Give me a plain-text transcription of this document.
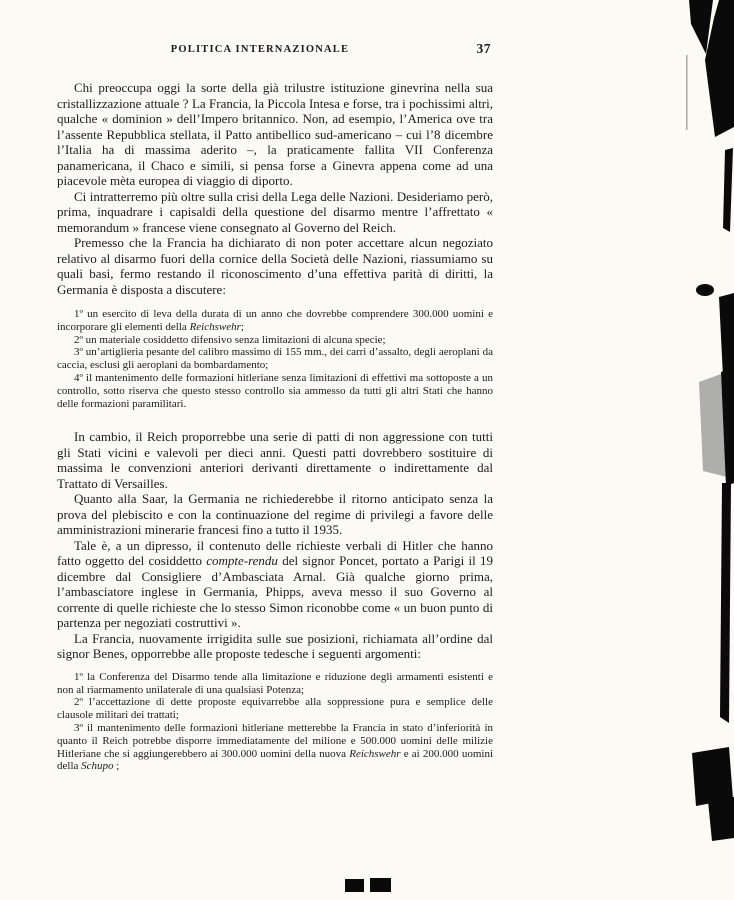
POLITICA INTERNAZIONALE	37

Chi preoccupa oggi la sorte della già trilustre istituzione ginevrina nella sua cristallizzazione attuale ? La Francia, la Piccola Intesa e forse, tra i pochissimi altri, qualche « dominion » dell’Impero britannico. Non, ad esempio, l’America ove tra l’assente Repubblica stellata, il Patto antibellico sud-americano – cui l’8 dicembre l’Italia ha di massima aderito –, la praticamente fallita VII Conferenza panamericana, il Chaco e simili, si pensa forse a Ginevra appena come ad una piacevole mèta europea di viaggio di diporto.

Ci intratterremo più oltre sulla crisi della Lega delle Nazioni. Desideriamo però, prima, inquadrare i capisaldi della questione del disarmo mentre l’affrettato « memorandum » francese viene consegnato al Governo del Reich.

Premesso che la Francia ha dichiarato di non poter accettare alcun negoziato relativo al disarmo fuori della cornice della Società delle Nazioni, riassumiamo su quali basi, fermo restando il riconoscimento d’una effettiva parità di diritti, la Germania è disposta a discutere:

1º un esercito di leva della durata di un anno che dovrebbe comprendere 300.000 uomini e incorporare gli elementi della Reichswehr;

2º un materiale cosiddetto difensivo senza limitazioni di alcuna specie;

3º un’artiglieria pesante del calibro massimo di 155 mm., dei carri d’assalto, degli aeroplani da caccia, esclusi gli aeroplani da bombardamento;

4º il mantenimento delle formazioni hitleriane senza limitazioni di effettivi ma sottoposte a un controllo, sotto riserva che questo stesso controllo sia ammesso da tutti gli altri Stati che hanno delle formazioni paramilitari.

In cambio, il Reich proporrebbe una serie di patti di non aggressione con tutti gli Stati vicini e valevoli per dieci anni. Questi patti dovrebbero sostituire di massima le convenzioni anteriori derivanti direttamente o indirettamente dal Trattato di Versailles.

Quanto alla Saar, la Germania ne richiederebbe il ritorno anticipato senza la prova del plebiscito e con la continuazione del regime di privilegi a favore delle amministrazioni minerarie francesi fino a tutto il 1935.

Tale è, a un dipresso, il contenuto delle richieste verbali di Hitler che hanno fatto oggetto del cosiddetto compte-rendu del signor Poncet, portato a Parigi il 19 dicembre dal Consigliere d’Ambasciata Arnal. Già qualche giorno prima, l’ambasciatore inglese in Germania, Phipps, aveva messo il suo Governo al corrente di quelle richieste che lo stesso Simon riconobbe come « un buon punto di partenza per negoziati costruttivi ».

La Francia, nuovamente irrigidita sulle sue posizioni, richiamata all’ordine dal signor Benes, opporrebbe alle proposte tedesche i seguenti argomenti:

1º la Conferenza del Disarmo tende alla limitazione e riduzione degli armamenti esistenti e non al riarmamento unilaterale di una qualsiasi Potenza;

2º l’accettazione di dette proposte equivarrebbe alla soppressione pura e semplice delle clausole militari dei trattati;

3º il mantenimento delle formazioni hitleriane metterebbe la Francia in stato d’inferiorità in quanto il Reich potrebbe disporre immediatamente del milione e 500.000 uomini delle milizie Hitleriane che si aggiungerebbero ai 300.000 uomini della nuova Reichswehr e ai 200.000 uomini della Schupo ;
